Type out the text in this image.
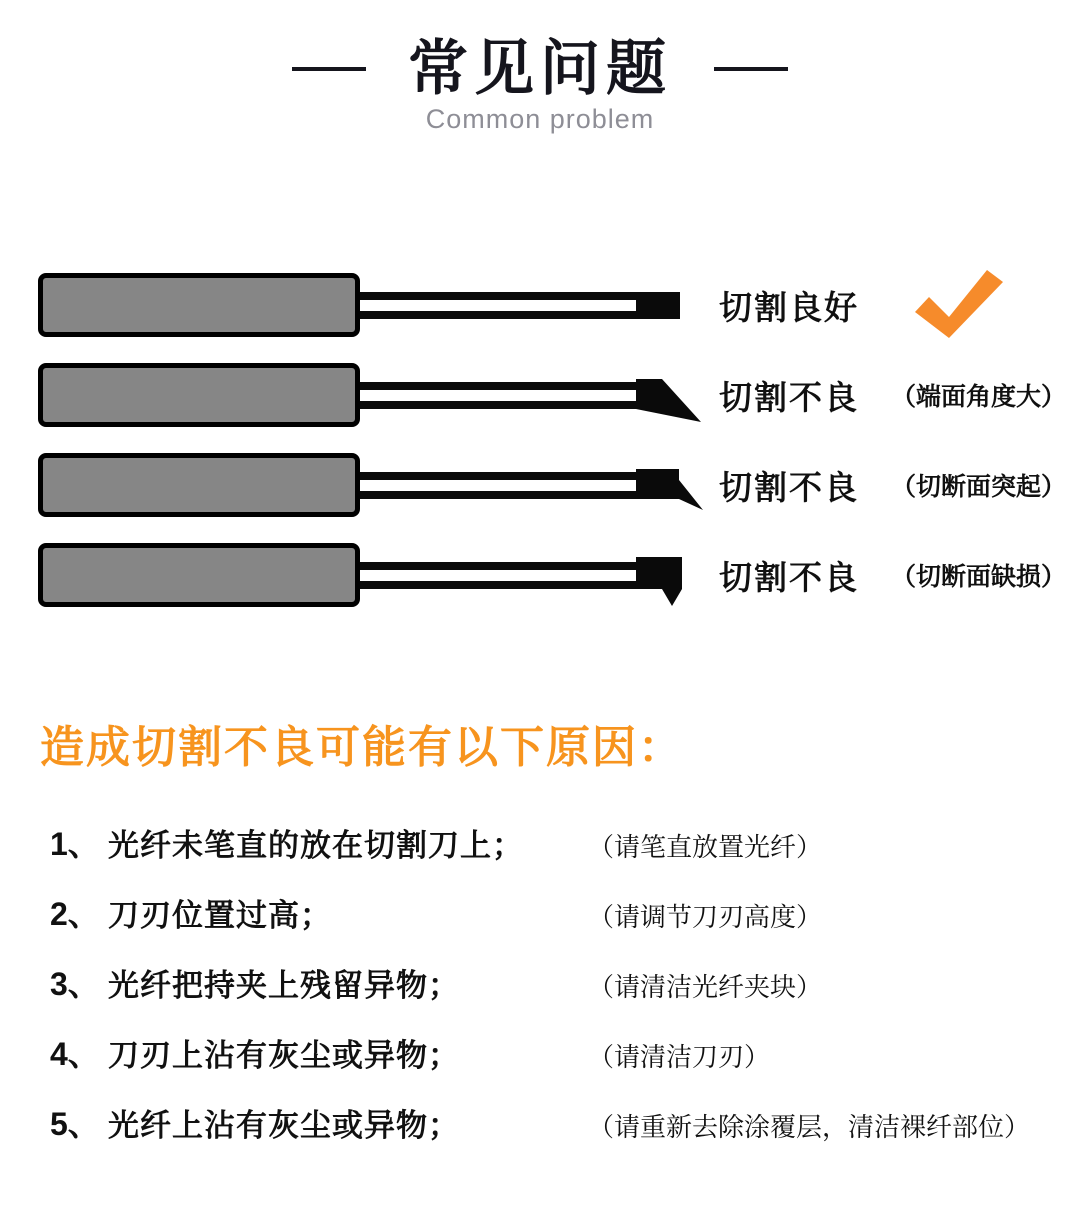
常见问题
Common problem
切割良好
切割不良 （端面角度大）
切割不良 （切断面突起）
切割不良 （切断面缺损）
造成切割不良可能有以下原因：
1、 光纤未笔直的放在切割刀上；	（请笔直放置光纤）
2、 刀刃位置过高；	（请调节刀刃高度）
3、 光纤把持夹上残留异物；	（请清洁光纤夹块）
4、 刀刃上沾有灰尘或异物；	（请清洁刀刃）
5、 光纤上沾有灰尘或异物；	（请重新去除涂覆层，清洁裸纤部位）
